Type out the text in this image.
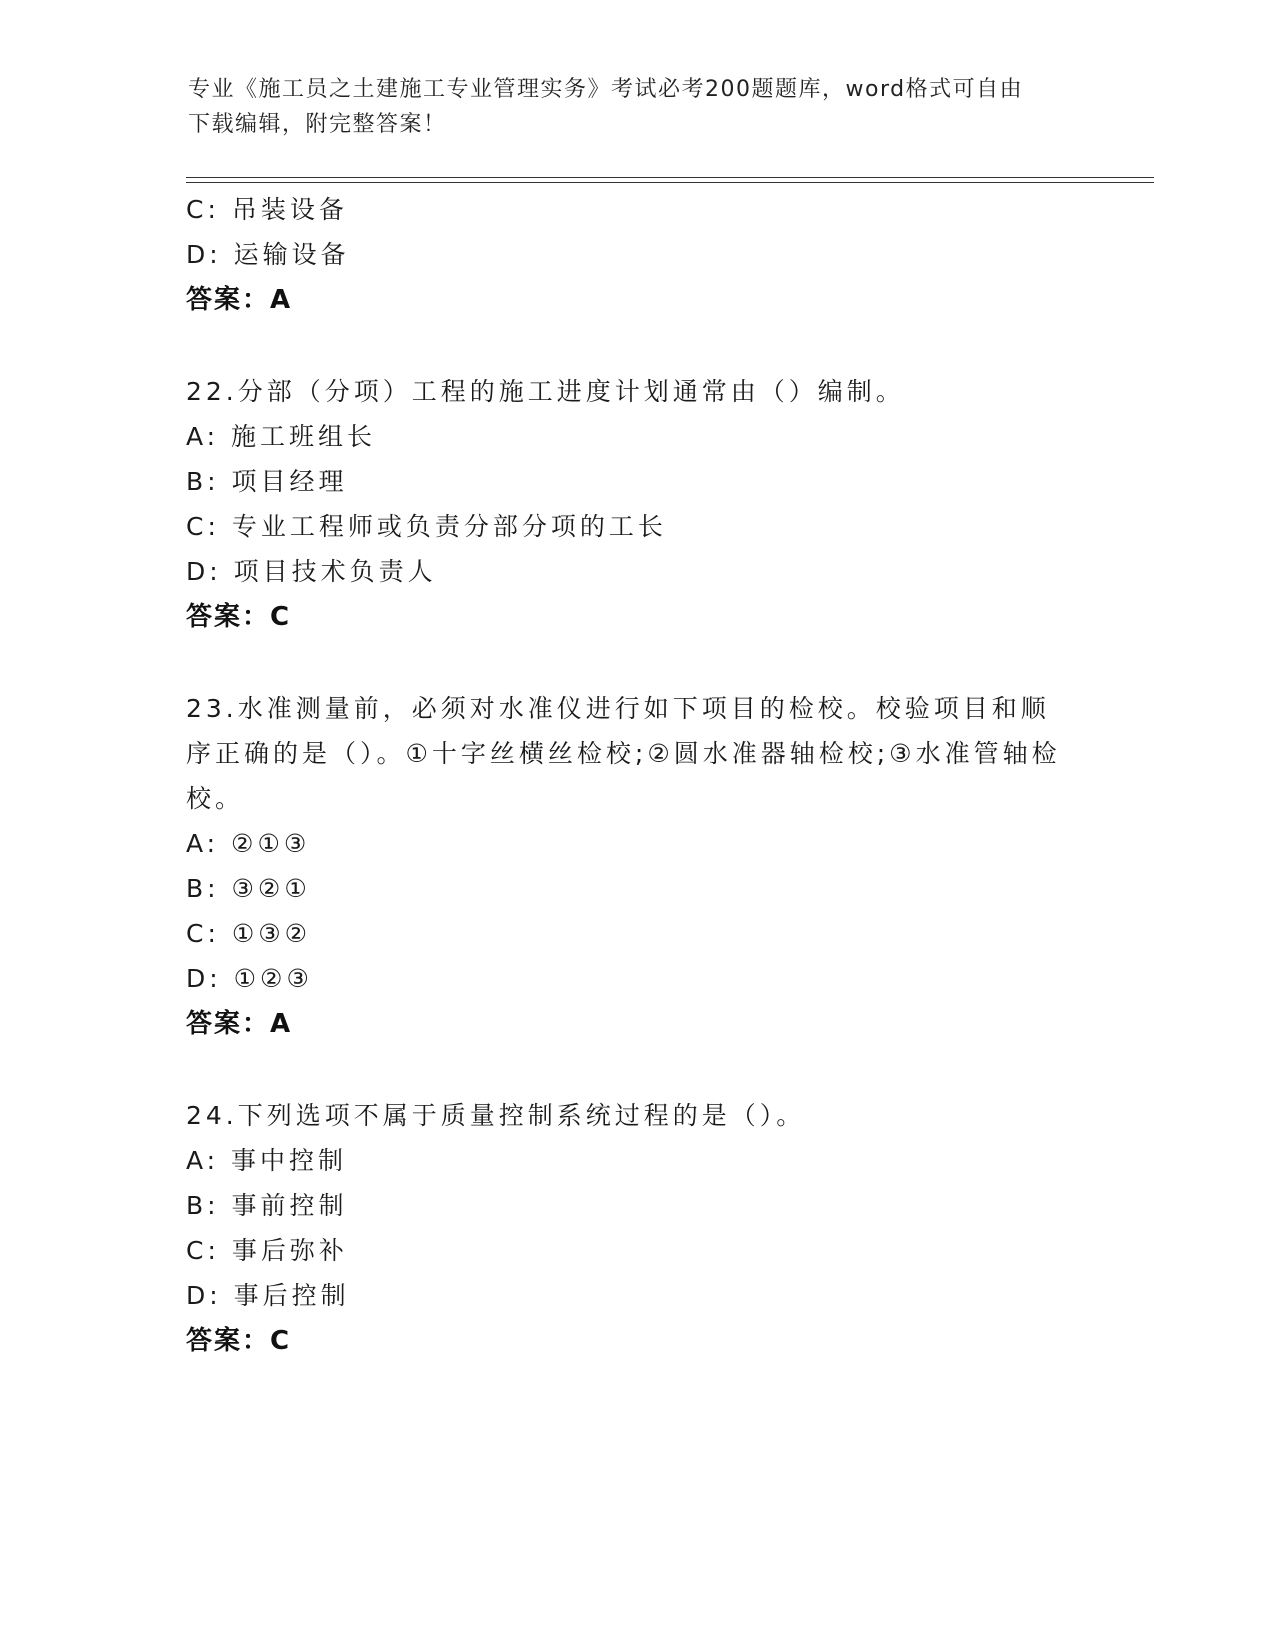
专业《施工员之土建施工专业管理实务》考试必考200题题库，word格式可自由
下载编辑，附完整答案！
C: 吊装设备
D: 运输设备
答案：A
22.分部（分项）工程的施工进度计划通常由（）编制。
A: 施工班组长
B: 项目经理
C: 专业工程师或负责分部分项的工长
D: 项目技术负责人
答案：C
23.水准测量前，必须对水准仪进行如下项目的检校。校验项目和顺序正确的是（）。①十字丝横丝检校;②圆水准器轴检校;③水准管轴检校。
A: ②①③
B: ③②①
C: ①③②
D: ①②③
答案：A
24.下列选项不属于质量控制系统过程的是（）。
A: 事中控制
B: 事前控制
C: 事后弥补
D: 事后控制
答案：C
